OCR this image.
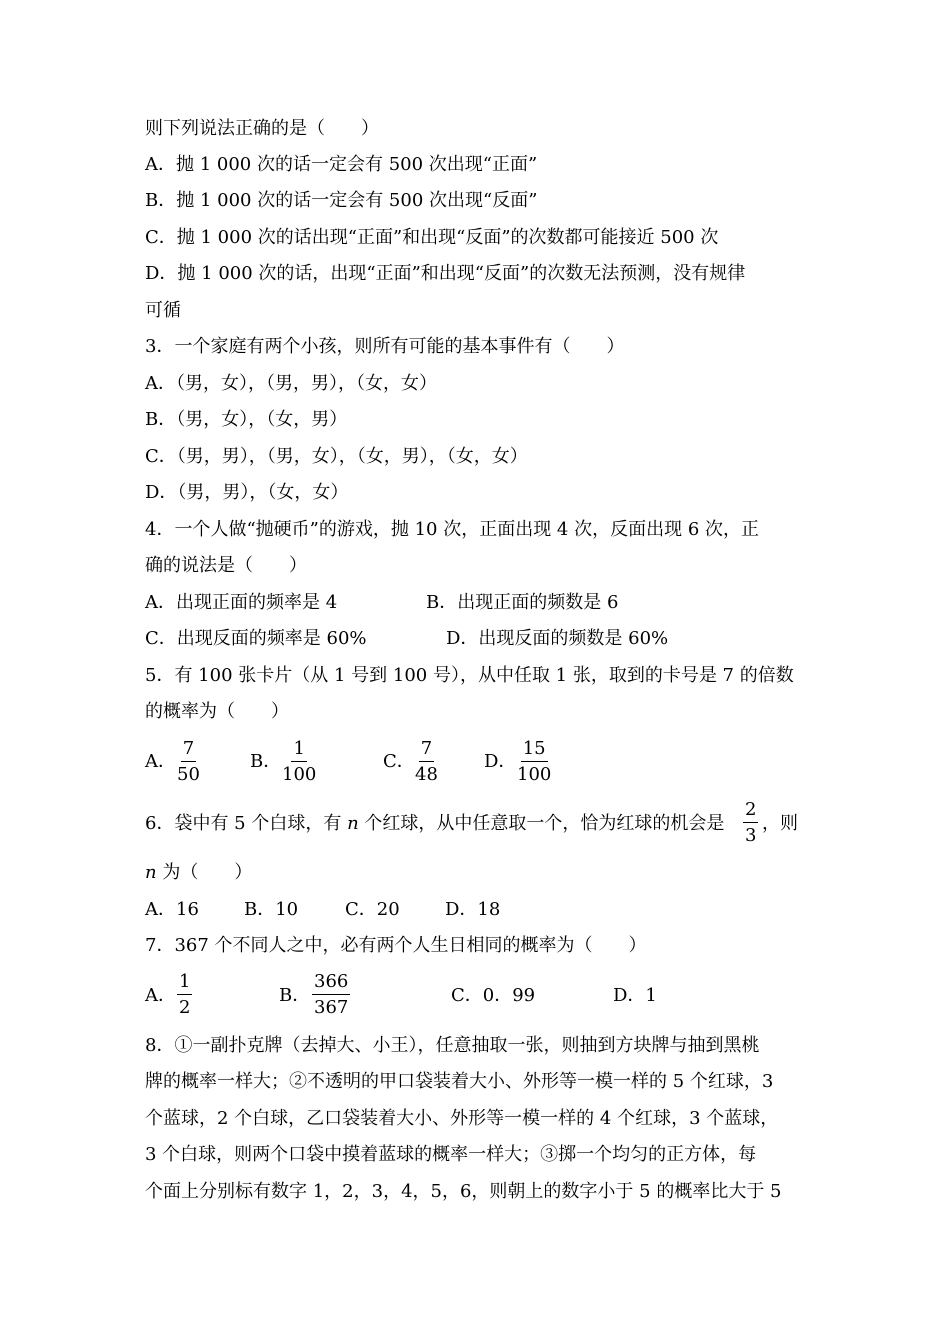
则下列说法正确的是（　　）
A．抛 1 000 次的话一定会有 500 次出现“正面”
B．抛 1 000 次的话一定会有 500 次出现“反面”
C．抛 1 000 次的话出现“正面”和出现“反面”的次数都可能接近 500 次
D．抛 1 000 次的话，出现“正面”和出现“反面”的次数无法预测，没有规律
可循
3．一个家庭有两个小孩，则所有可能的基本事件有（　　）
A．（男，女），（男，男），（女，女）
B．（男，女），（女，男）
C．（男，男），（男，女），（女，男），（女，女）
D．（男，男），（女，女）
4．一个人做“抛硬币”的游戏，抛 10 次，正面出现 4 次，反面出现 6 次，正
确的说法是（　　）
A．出现正面的频率是 4	B．出现正面的频数是 6
C．出现反面的频率是 60%	D．出现反面的频数是 60%
5．有 100 张卡片（从 1 号到 100 号），从中任取 1 张，取到的卡号是 7 的倍数
的概率为（　　）
A． $\frac{7}{50}$	B． $\frac{1}{100}$	C． $\frac{7}{48}$	D． $\frac{15}{100}$
6．袋中有 5 个白球，有 n 个红球，从中任意取一个，恰为红球的机会是 $\frac{2}{3}$ ，则
n 为（　　）
A．16	B．10	C．20	D．18
7．367 个不同人之中，必有两个人生日相同的概率为（　　）
A． $\frac{1}{2}$	B． $\frac{366}{367}$	C．0．99	D．1
8．①一副扑克牌（去掉大、小王），任意抽取一张，则抽到方块牌与抽到黑桃
牌的概率一样大；②不透明的甲口袋装着大小、外形等一模一样的 5 个红球，3
个蓝球，2 个白球，乙口袋装着大小、外形等一模一样的 4 个红球，3 个蓝球，
3 个白球，则两个口袋中摸着蓝球的概率一样大；③掷一个均匀的正方体，每
个面上分别标有数字 1，2，3，4，5，6，则朝上的数字小于 5 的概率比大于 5
